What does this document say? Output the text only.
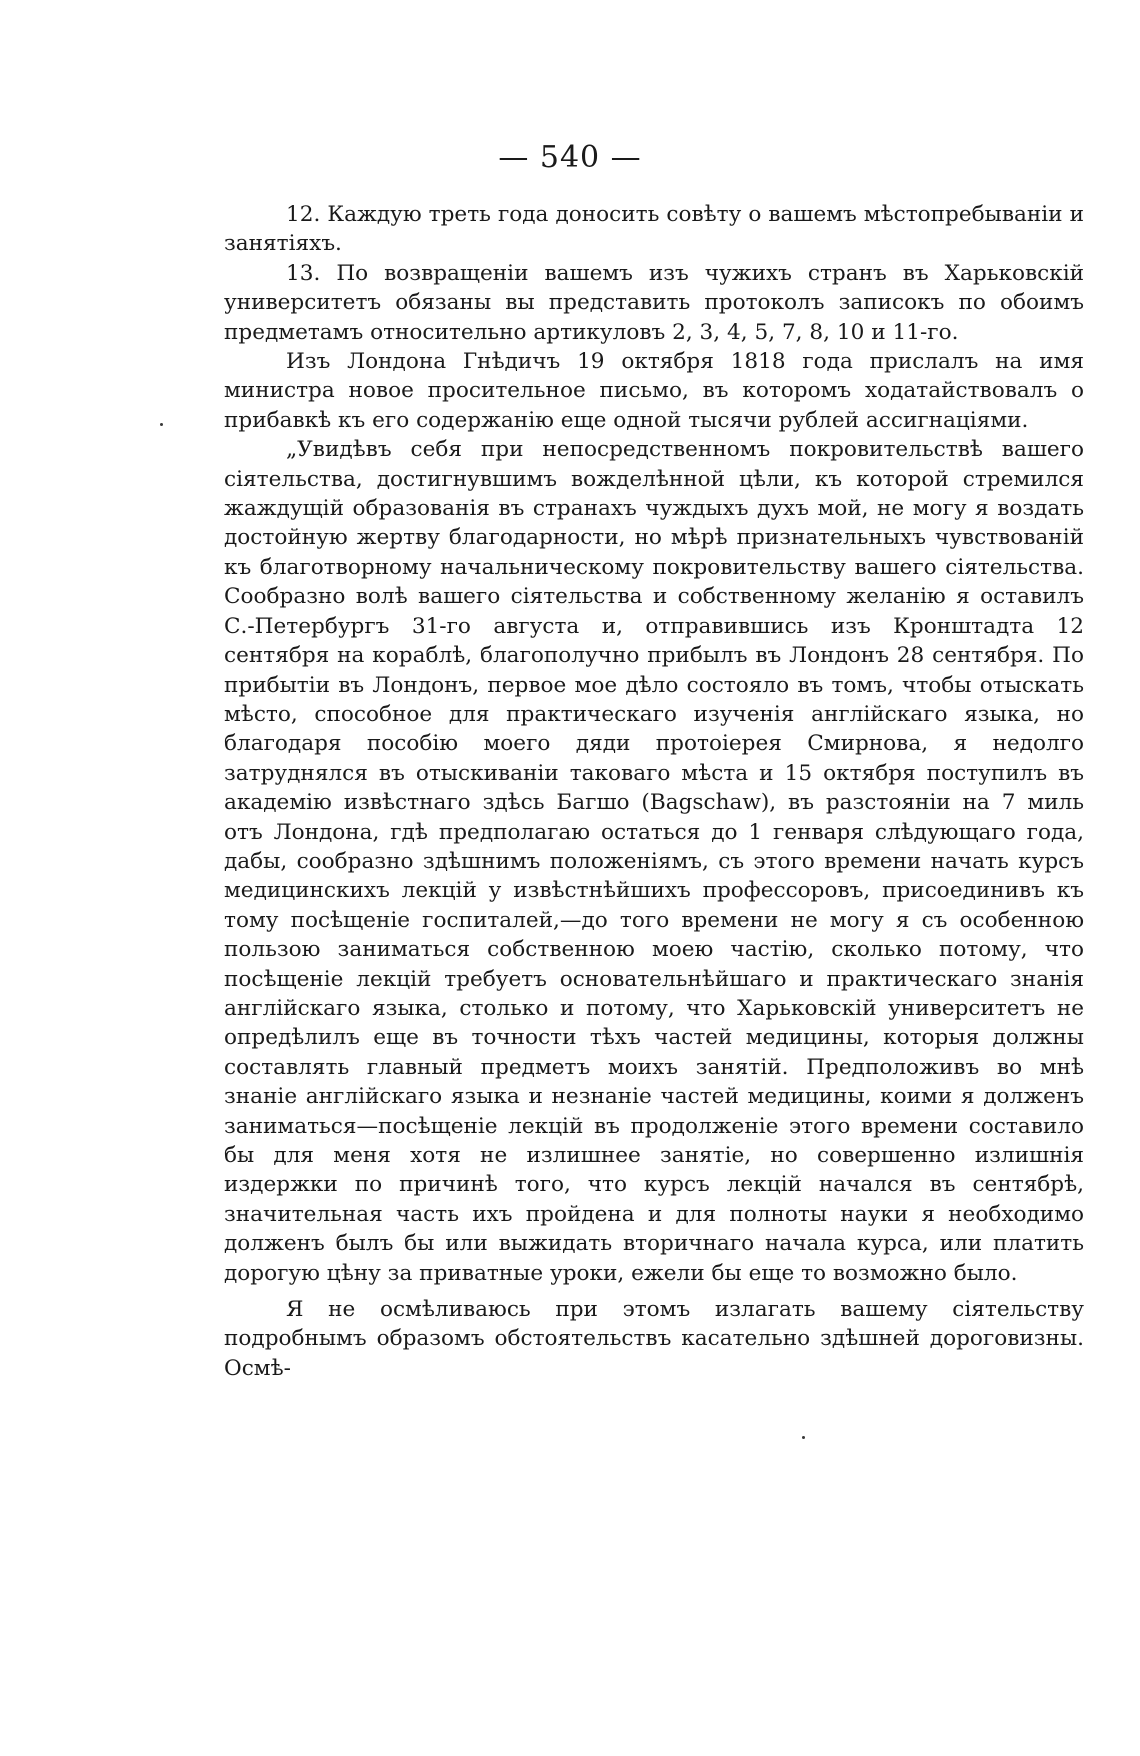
— 540 —

12. Каждую треть года доносить совѣту о вашемъ мѣстопребываніи и занятіяхъ.

13. По возвращеніи вашемъ изъ чужихъ странъ въ Харьковскій университетъ обязаны вы представить протоколъ записокъ по обоимъ предметамъ относительно артикуловъ 2, 3, 4, 5, 7, 8, 10 и 11-го.

Изъ Лондона Гнѣдичъ 19 октября 1818 года прислалъ на имя министра новое просительное письмо, въ которомъ ходатайствовалъ о прибавкѣ къ его содержанію еще одной тысячи рублей ассигнаціями.

„Увидѣвъ себя при непосредственномъ покровительствѣ вашего сіятельства, достигнувшимъ вожделѣнной цѣли, къ которой стремился жаждущій образованія въ странахъ чуждыхъ духъ мой, не могу я воздать достойную жертву благодарности, но мѣрѣ признательныхъ чувствованій къ благотворному начальническому покровительству вашего сіятельства. Сообразно волѣ вашего сіятельства и собственному желанію я оставилъ С.-Петербургъ 31-го августа и, отправившись изъ Кронштадта 12 сентября на кораблѣ, благополучно прибылъ въ Лондонъ 28 сентября. По прибытіи въ Лондонъ, первое мое дѣло состояло въ томъ, чтобы отыскать мѣсто, способное для практическаго изученія англійскаго языка, но благодаря пособію моего дяди протоіерея Смирнова, я недолго затруднялся въ отыскиваніи таковаго мѣста и 15 октября поступилъ въ академію извѣстнаго здѣсь Багшо (Bagschaw), въ разстояніи на 7 миль отъ Лондона, гдѣ предполагаю остаться до 1 генваря слѣдующаго года, дабы, сообразно здѣшнимъ положеніямъ, съ этого времени начать курсъ медицинскихъ лекцій у извѣстнѣйшихъ профессоровъ, присоединивъ къ тому посѣщеніе госпиталей,—до того времени не могу я съ особенною пользою заниматься собственною моею частію, сколько потому, что посѣщеніе лекцій требуетъ основательнѣйшаго и практическаго знанія англійскаго языка, столько и потому, что Харьковскій университетъ не опредѣлилъ еще въ точности тѣхъ частей медицины, которыя должны составлять главный предметъ моихъ занятій. Предположивъ во мнѣ знаніе англійскаго языка и незнаніе частей медицины, коими я долженъ заниматься—посѣщеніе лекцій въ продолженіе этого времени составило бы для меня хотя не излишнее занятіе, но совершенно излишнія издержки по причинѣ того, что курсъ лекцій начался въ сентябрѣ, значительная часть ихъ пройдена и для полноты науки я необходимо долженъ былъ бы или выжидать вторичнаго начала курса, или платить дорогую цѣну за приватные уроки, ежели бы еще то возможно было.

Я не осмѣливаюсь при этомъ излагать вашему сіятельству подробнымъ образомъ обстоятельствъ касательно здѣшней дороговизны. Осмѣ-
